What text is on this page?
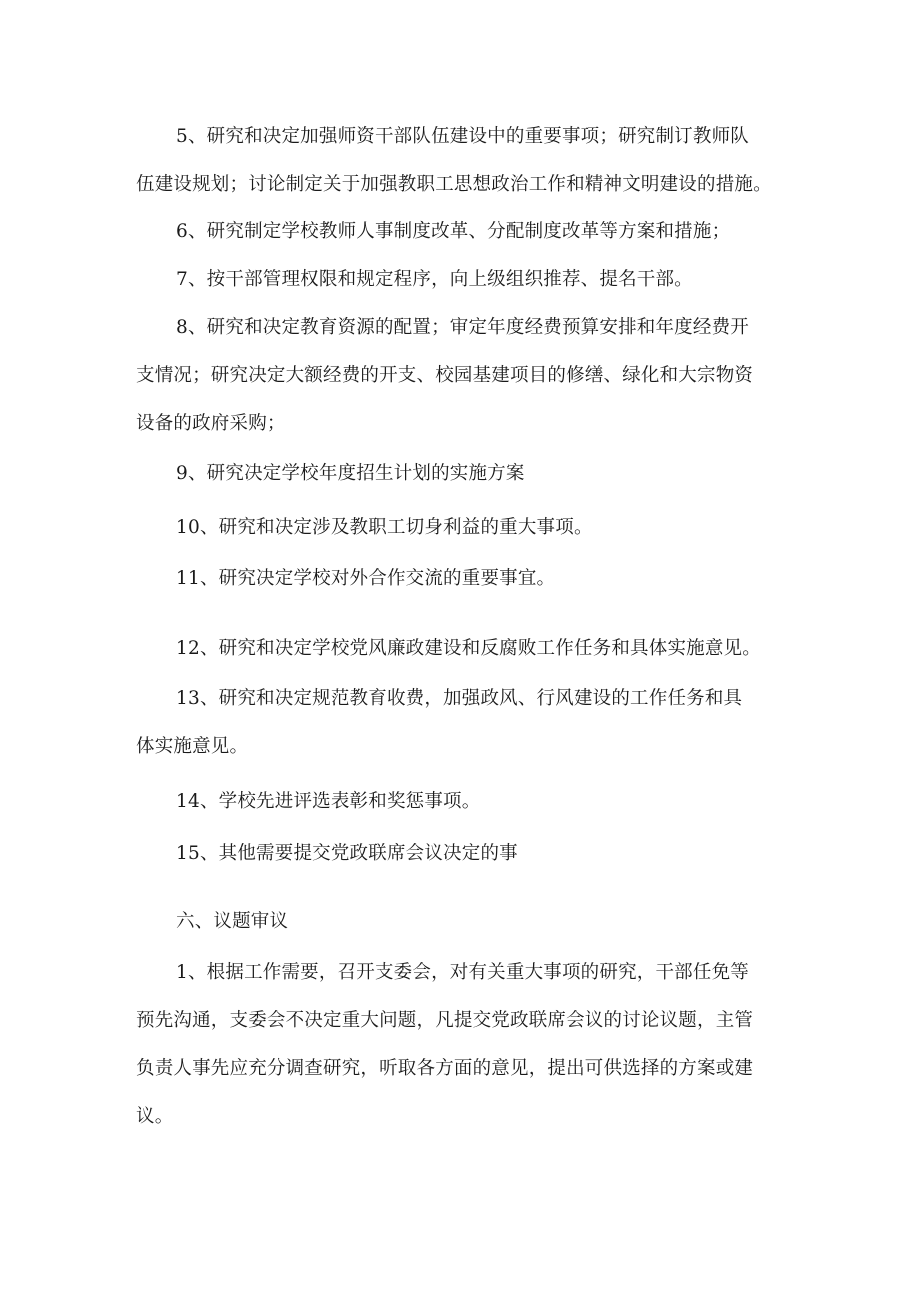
5、研究和决定加强师资干部队伍建设中的重要事项；研究制订教师队
伍建设规划；讨论制定关于加强教职工思想政治工作和精神文明建设的措施。
6、研究制定学校教师人事制度改革、分配制度改革等方案和措施；
7、按干部管理权限和规定程序，向上级组织推荐、提名干部。
8、研究和决定教育资源的配置；审定年度经费预算安排和年度经费开
支情况；研究决定大额经费的开支、校园基建项目的修缮、绿化和大宗物资
设备的政府采购；
9、研究决定学校年度招生计划的实施方案
10、研究和决定涉及教职工切身利益的重大事项。
11、研究决定学校对外合作交流的重要事宜。
12、研究和决定学校党风廉政建设和反腐败工作任务和具体实施意见。
13、研究和决定规范教育收费，加强政风、行风建设的工作任务和具
体实施意见。
14、学校先进评选表彰和奖惩事项。
15、其他需要提交党政联席会议决定的事
六、议题审议
1、根据工作需要，召开支委会，对有关重大事项的研究，干部任免等
预先沟通，支委会不决定重大问题，凡提交党政联席会议的讨论议题，主管
负责人事先应充分调查研究，听取各方面的意见，提出可供选择的方案或建
议。
